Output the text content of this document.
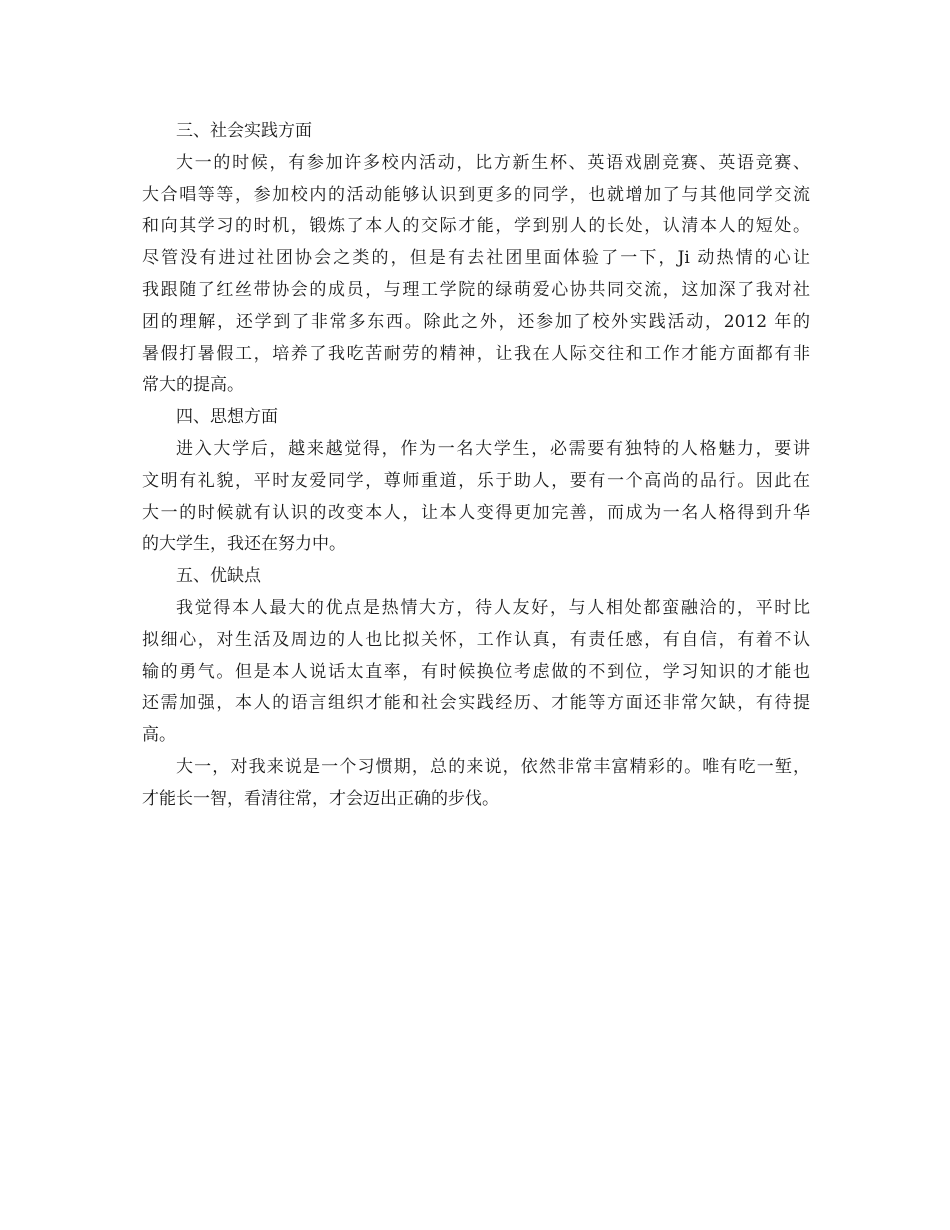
三、社会实践方面
大一的时候，有参加许多校内活动，比方新生杯、英语戏剧竞赛、英语竞赛、
大合唱等等，参加校内的活动能够认识到更多的同学，也就增加了与其他同学交流
和向其学习的时机，锻炼了本人的交际才能，学到别人的长处，认清本人的短处。
尽管没有进过社团协会之类的，但是有去社团里面体验了一下，Ji 动热情的心让
我跟随了红丝带协会的成员，与理工学院的绿萌爱心协共同交流，这加深了我对社
团的理解，还学到了非常多东西。除此之外，还参加了校外实践活动，2012 年的
暑假打暑假工，培养了我吃苦耐劳的精神，让我在人际交往和工作才能方面都有非
常大的提高。
四、思想方面
进入大学后，越来越觉得，作为一名大学生，必需要有独特的人格魅力，要讲
文明有礼貌，平时友爱同学，尊师重道，乐于助人，要有一个高尚的品行。因此在
大一的时候就有认识的改变本人，让本人变得更加完善，而成为一名人格得到升华
的大学生，我还在努力中。
五、优缺点
我觉得本人最大的优点是热情大方，待人友好，与人相处都蛮融洽的，平时比
拟细心，对生活及周边的人也比拟关怀，工作认真，有责任感，有自信，有着不认
输的勇气。但是本人说话太直率，有时候换位考虑做的不到位，学习知识的才能也
还需加强，本人的语言组织才能和社会实践经历、才能等方面还非常欠缺，有待提
高。
大一，对我来说是一个习惯期，总的来说，依然非常丰富精彩的。唯有吃一堑，
才能长一智，看清往常，才会迈出正确的步伐。
